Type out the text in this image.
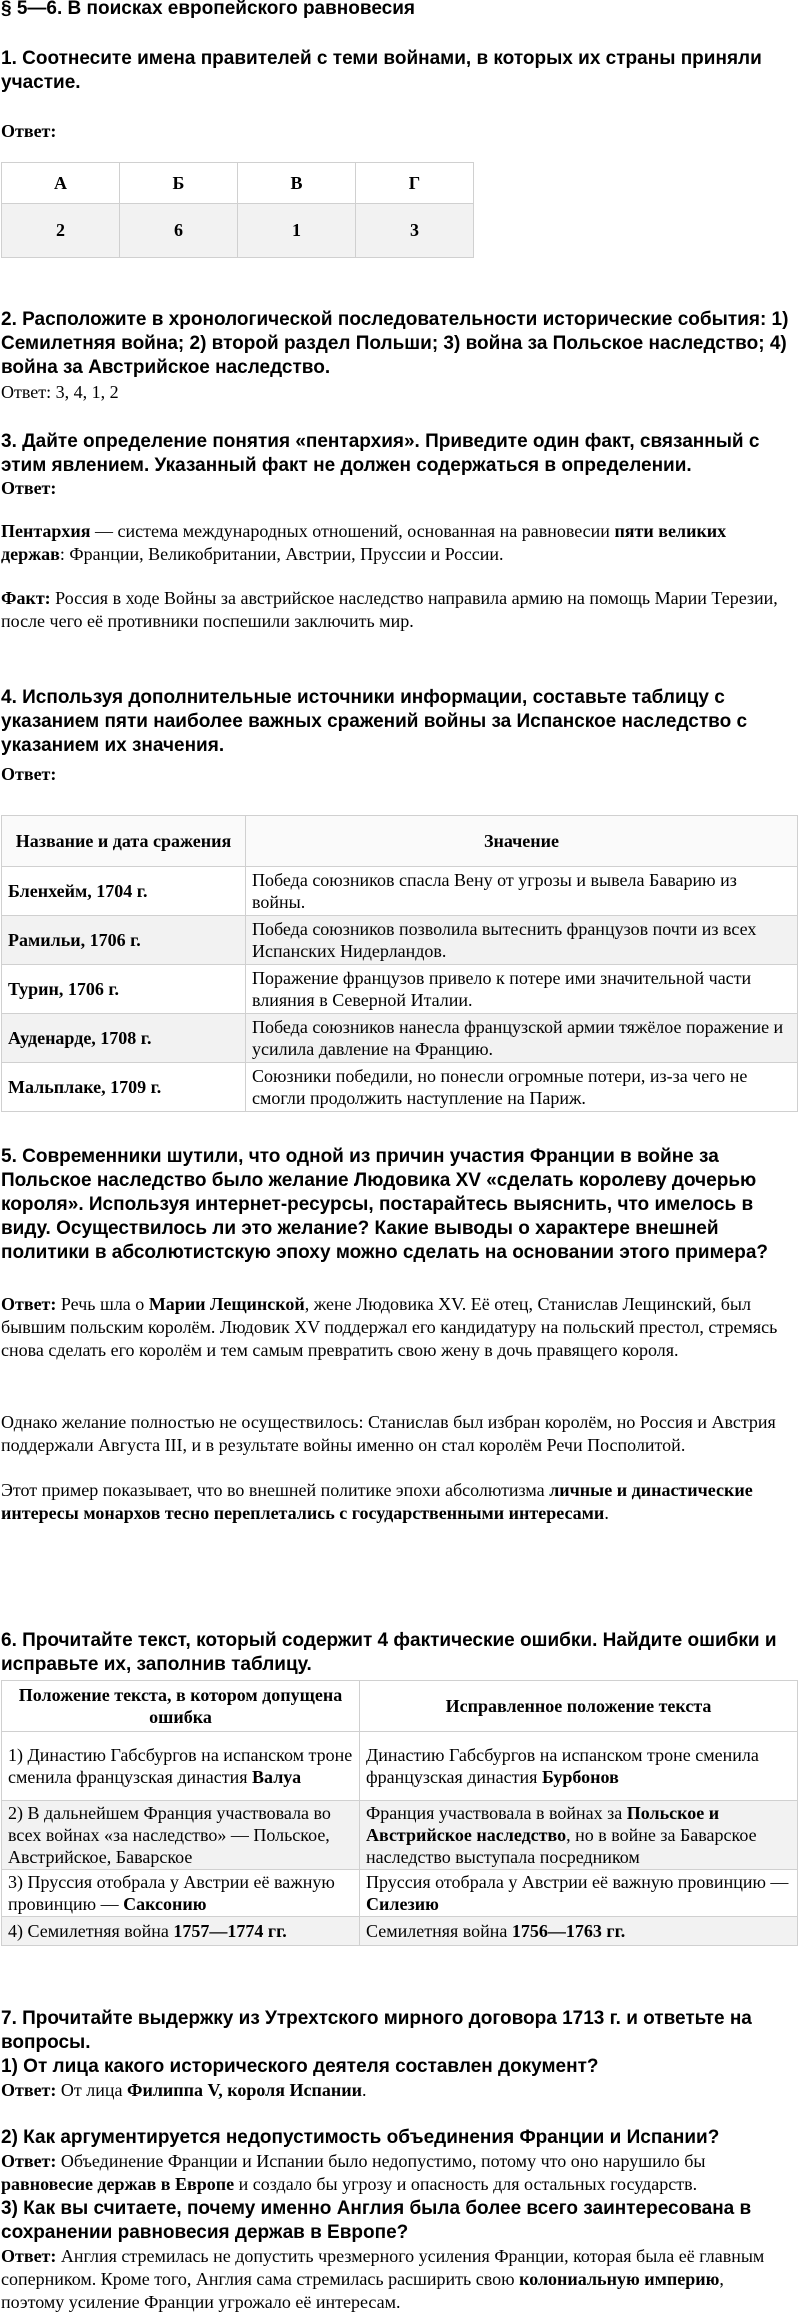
§ 5—6. В поисках европейского равновесия

1. Соотнесите имена правителей с теми войнами, в которых их страны приняли участие.

Ответ:

А	Б	В	Г
2	6	1	3

2. Расположите в хронологической последовательности исторические события: 1) Семилетняя война; 2) второй раздел Польши; 3) война за Польское наследство; 4) война за Австрийское наследство.

Ответ: 3, 4, 1, 2

3. Дайте определение понятия «пентархия». Приведите один факт, связанный с этим явлением. Указанный факт не должен содержаться в определении.

Ответ:

Пентархия — система международных отношений, основанная на равновесии пяти великих держав: Франции, Великобритании, Австрии, Пруссии и России.

Факт: Россия в ходе Войны за австрийское наследство направила армию на помощь Марии Терезии, после чего её противники поспешили заключить мир.

4. Используя дополнительные источники информации, составьте таблицу с указанием пяти наиболее важных сражений войны за Испанское наследство с указанием их значения.

Ответ:

Название и дата сражения	Значение
Бленхейм, 1704 г.	Победа союзников спасла Вену от угрозы и вывела Баварию из войны.
Рамильи, 1706 г.	Победа союзников позволила вытеснить французов почти из всех Испанских Нидерландов.
Турин, 1706 г.	Поражение французов привело к потере ими значительной части влияния в Северной Италии.
Ауденарде, 1708 г.	Победа союзников нанесла французской армии тяжёлое поражение и усилила давление на Францию.
Мальплаке, 1709 г.	Союзники победили, но понесли огромные потери, из-за чего не смогли продолжить наступление на Париж.

5. Современники шутили, что одной из причин участия Франции в войне за Польское наследство было желание Людовика XV «сделать королеву дочерью короля». Используя интернет-ресурсы, постарайтесь выяснить, что имелось в виду. Осуществилось ли это желание? Какие выводы о характере внешней политики в абсолютистскую эпоху можно сделать на основании этого примера?

Ответ: Речь шла о Марии Лещинской, жене Людовика XV. Её отец, Станислав Лещинский, был бывшим польским королём. Людовик XV поддержал его кандидатуру на польский престол, стремясь снова сделать его королём и тем самым превратить свою жену в дочь правящего короля.

Однако желание полностью не осуществилось: Станислав был избран королём, но Россия и Австрия поддержали Августа III, и в результате войны именно он стал королём Речи Посполитой.

Этот пример показывает, что во внешней политике эпохи абсолютизма личные и династические интересы монархов тесно переплетались с государственными интересами.

6. Прочитайте текст, который содержит 4 фактические ошибки. Найдите ошибки и исправьте их, заполнив таблицу.

Положение текста, в котором допущена ошибка	Исправленное положение текста
1) Династию Габсбургов на испанском троне сменила французская династия Валуа	Династию Габсбургов на испанском троне сменила французская династия Бурбонов
2) В дальнейшем Франция участвовала во всех войнах «за наследство» — Польское, Австрийское, Баварское	Франция участвовала в войнах за Польское и Австрийское наследство, но в войне за Баварское наследство выступала посредником
3) Пруссия отобрала у Австрии её важную провинцию — Саксонию	Пруссия отобрала у Австрии её важную провинцию — Силезию
4) Семилетняя война 1757—1774 гг.	Семилетняя война 1756—1763 гг.

7. Прочитайте выдержку из Утрехтского мирного договора 1713 г. и ответьте на вопросы.

1) От лица какого исторического деятеля составлен документ?

Ответ: От лица Филиппа V, короля Испании.

2) Как аргументируется недопустимость объединения Франции и Испании?

Ответ: Объединение Франции и Испании было недопустимо, потому что оно нарушило бы равновесие держав в Европе и создало бы угрозу и опасность для остальных государств.

3) Как вы считаете, почему именно Англия была более всего заинтересована в сохранении равновесия держав в Европе?

Ответ: Англия стремилась не допустить чрезмерного усиления Франции, которая была её главным соперником. Кроме того, Англия сама стремилась расширить свою колониальную империю, поэтому усиление Франции угрожало её интересам.
